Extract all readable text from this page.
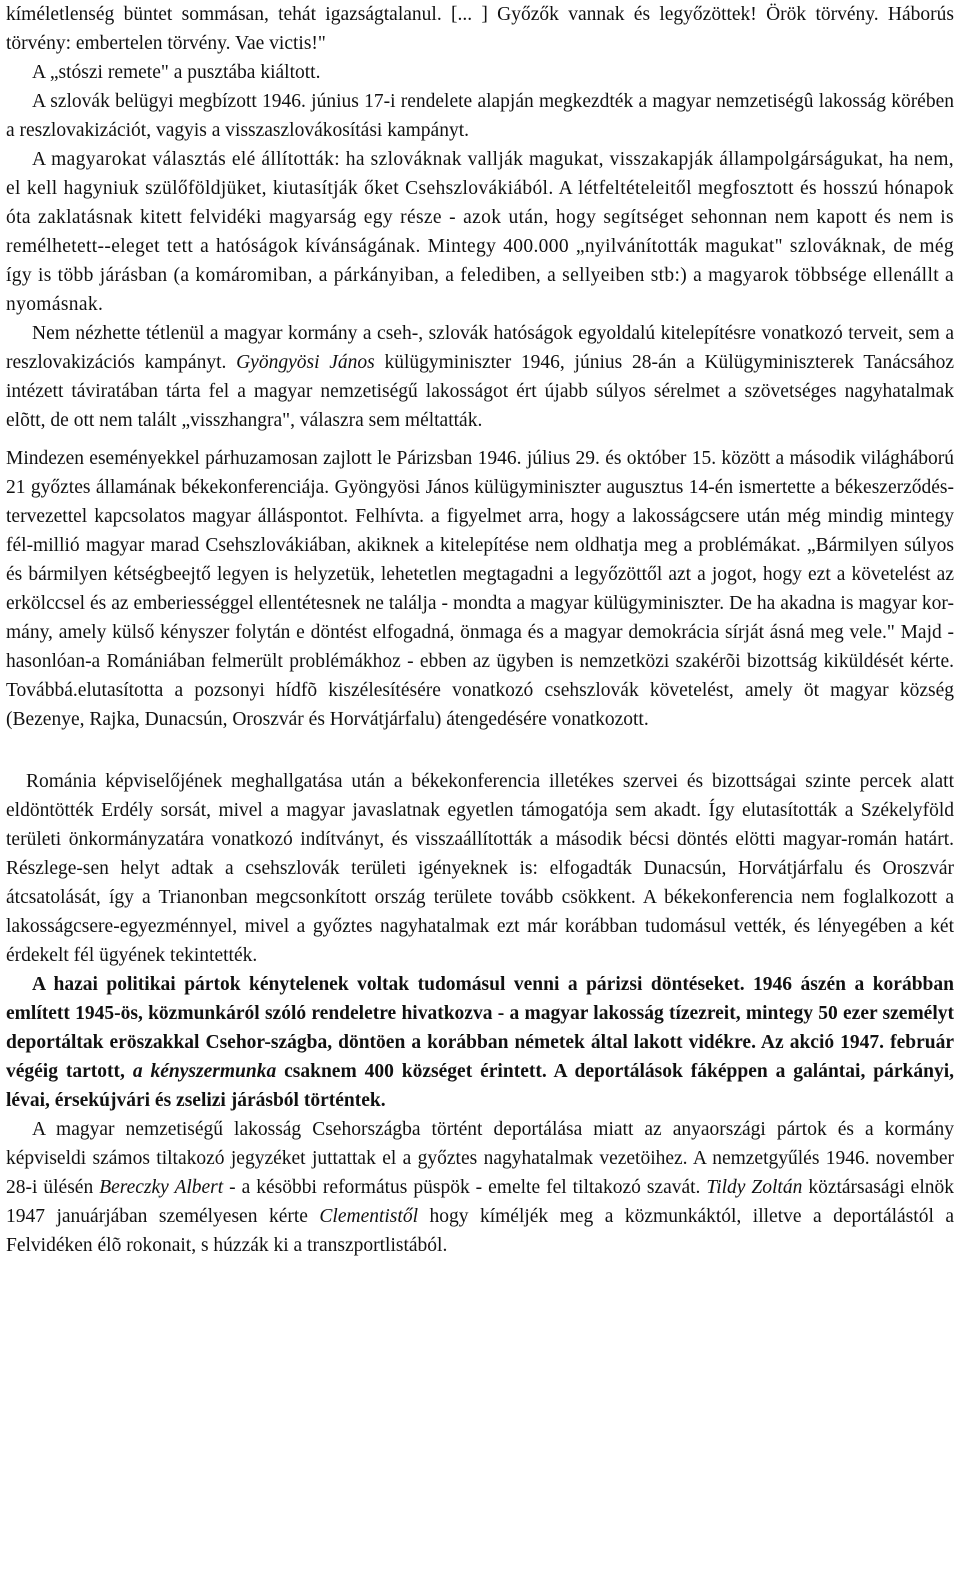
kíméletlenség büntet sommásan, tehát igazságtalanul. [... ] Győzők vannak és legyőzöttek! Örök törvény. Háborús törvény: embertelen törvény. Vae victis!"

A „stószi remete" a pusztába kiáltott.

A szlovák belügyi megbízott 1946. június 17-i rendelete alapján megkezdték a magyar nemzetiségû lakosság körében a reszlovakizációt, vagyis a visszaszlovákosítási kampányt.

A magyarokat választás elé állították: ha szlováknak vallják magukat, visszakapják állampolgárságukat, ha nem, el kell hagyniuk szülőföldjüket, kiutasítják őket Csehszlovákiából. A létfeltételeitől megfosztott és hosszú hónapok óta zaklatásnak kitett felvidéki magyarság egy része - azok után, hogy segítséget sehonnan nem kapott és nem is remélhetett--eleget tett a hatóságok kívánságának. Mintegy 400.000 „nyilvánították magukat" szlováknak, de még így is több járásban (a komáromiban, a párkányiban, a felediben, a sellyeiben stb:) a magyarok többsége ellenállt a nyomásnak.

Nem nézhette tétlenül a magyar kormány a cseh-, szlovák hatóságok egyoldalú kitelepítésre vonatkozó terveit, sem a reszlovakizációs kampányt. Gyöngyösi János külügyminiszter 1946, június 28-án a Külügyminiszterek Tanácsához intézett táviratában tárta fel a magyar nemzetiségű lakosságot ért újabb súlyos sérelmet a szövetséges nagyhatalmak elõtt, de ott nem talált „visszhangra", válaszra sem méltatták.

Mindezen eseményekkel párhuzamosan zajlott le Párizsban 1946. július 29. és október 15. között a második világháború 21 győztes államának békekonferenciája. Gyöngyösi János külügyminiszter augusztus 14-én ismertette a békeszerződés-tervezettel kapcsolatos magyar álláspontot. Felhívta. a figyelmet arra, hogy a lakosságcsere után még mindig mintegy fél-millió magyar marad Csehszlovákiában, akiknek a kitelepítése nem oldhatja meg a problémákat. „Bármilyen súlyos és bármilyen kétségbeejtő legyen is helyzetük, lehetetlen megtagadni a legyőzöttől azt a jogot, hogy ezt a követelést az erkölccsel és az emberiességgel ellentétesnek ne találja - mondta a magyar külügyminiszter. De ha akadna is magyar kor-mány, amely külső kényszer folytán e döntést elfogadná, önmaga és a magyar demokrácia sírját ásná meg vele." Majd - hasonlóan-a Romániában felmerült problémákhoz - ebben az ügyben is nemzetközi szakérõi bizottság kiküldését kérte. Továbbá.elutasította a pozsonyi hídfõ kiszélesítésére vonatkozó csehszlovák követelést, amely öt magyar község (Bezenye, Rajka, Dunacsún, Oroszvár és Horvátjárfalu) átengedésére vonatkozott.

Románia képviselőjének meghallgatása után a békekonferencia illetékes szervei és bizottságai szinte percek alatt eldöntötték Erdély sorsát, mivel a magyar javaslatnak egyetlen támogatója sem akadt. Így elutasították a Székelyföld területi önkormányzatára vonatkozó indítványt, és visszaállították a második bécsi döntés elötti magyar-román határt. Részlege-sen helyt adtak a csehszlovák területi igényeknek is: elfogadták Dunacsún, Horvátjárfalu és Oroszvár átcsatolását, így a Trianonban megcsonkított ország területe tovább csökkent. A békekonferencia nem foglalkozott a lakosságcsere-egyezménnyel, mivel a győztes nagyhatalmak ezt már korábban tudomásul vették, és lényegében a két érdekelt fél ügyének tekintették.

A hazai politikai pártok kénytelenek voltak tudomásul venni a párizsi döntéseket. 1946 ászén a korábban említett 1945-ös, közmunkáról szóló rendeletre hivatkozva - a magyar lakosság tízezreit, mintegy 50 ezer személyt deportáltak eröszakkal Csehor-szágba, döntöen a korábban németek által lakott vidékre. Az akció 1947. február végéig tartott, a kényszermunka csaknem 400 községet érintett. A deportálások fáképpen a galántai, párkányi, lévai, érsekújvári és zselizi járásból történtek.

A magyar nemzetiségű lakosság Csehországba történt deportálása miatt az anyaországi pártok és a kormány képviseldi számos tiltakozó jegyzéket juttattak el a győztes nagyhatalmak vezetöihez. A nemzetgyűlés 1946. november 28-i ülésén Bereczky Albert - a késöbbi református püspök - emelte fel tiltakozó szavát. Tildy Zoltán köztársasági elnök 1947 januárjában személyesen kérte Clementistől hogy kíméljék meg a közmunkáktól, illetve a deportálástól a Felvidéken élõ rokonait, s húzzák ki a transzportlistából.
